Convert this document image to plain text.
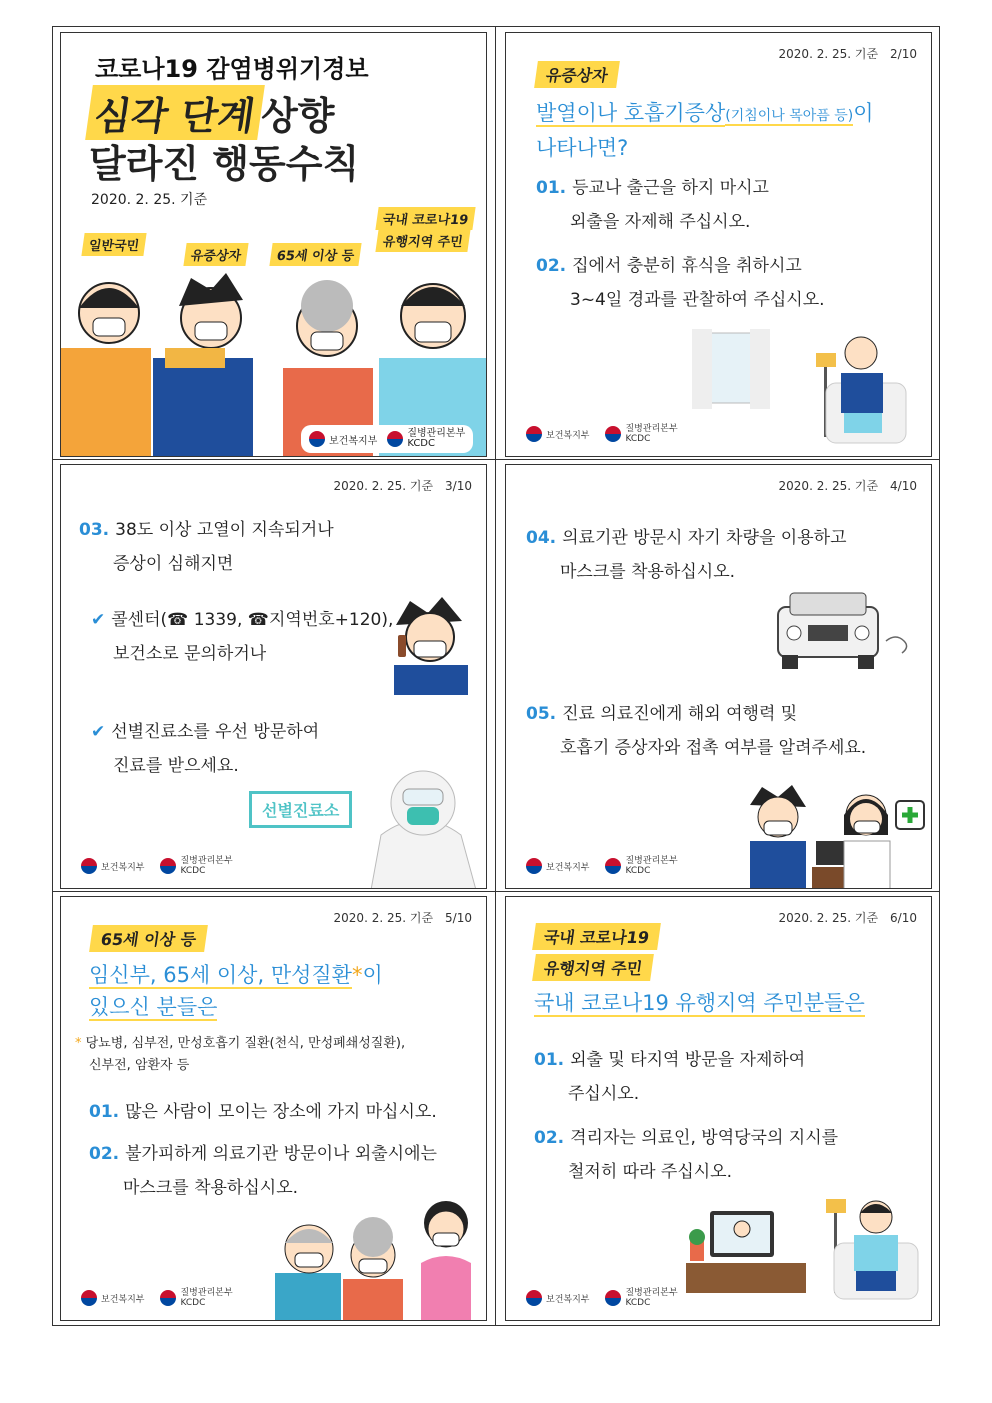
코로나19 감염병위기경보
심각 단계상향
달라진 행동수칙
2020. 2. 25. 기준
일반국민
유증상자	65세 이상 등
국내 코로나19
유행지역 주민
보건복지부
질병관리본부
KCDC
2020. 2. 25. 기준　2/10
유증상자
발열이나 호흡기증상(기침이나 목아픔 등)이
나타나면?
01. 등교나 출근을 하지 마시고
외출을 자제해 주십시오.
02. 집에서 충분히 휴식을 취하시고
3~4일 경과를 관찰하여 주십시오.
보건복지부
질병관리본부
KCDC
2020. 2. 25. 기준　3/10
03. 38도 이상 고열이 지속되거나
증상이 심해지면
✔ 콜센터(☎ 1339, ☎지역번호+120),
보건소로 문의하거나
✔ 선별진료소를 우선 방문하여
진료를 받으세요.
선별진료소
보건복지부
질병관리본부
KCDC
2020. 2. 25. 기준　4/10
04. 의료기관 방문시 자기 차량을 이용하고
마스크를 착용하십시오.
05. 진료 의료진에게 해외 여행력 및
호흡기 증상자와 접촉 여부를 알려주세요.
보건복지부
질병관리본부
KCDC
2020. 2. 25. 기준　5/10
65세 이상 등
임신부, 65세 이상, 만성질환*이
있으신 분들은
* 당뇨병, 심부전, 만성호흡기 질환(천식, 만성폐쇄성질환),
신부전, 암환자 등
01. 많은 사람이 모이는 장소에 가지 마십시오.
02. 불가피하게 의료기관 방문이나 외출시에는
마스크를 착용하십시오.
보건복지부
질병관리본부
KCDC
2020. 2. 25. 기준　6/10
국내 코로나19
유행지역 주민
국내 코로나19 유행지역 주민분들은
01. 외출 및 타지역 방문을 자제하여
주십시오.
02. 격리자는 의료인, 방역당국의 지시를
철저히 따라 주십시오.
보건복지부
질병관리본부
KCDC
